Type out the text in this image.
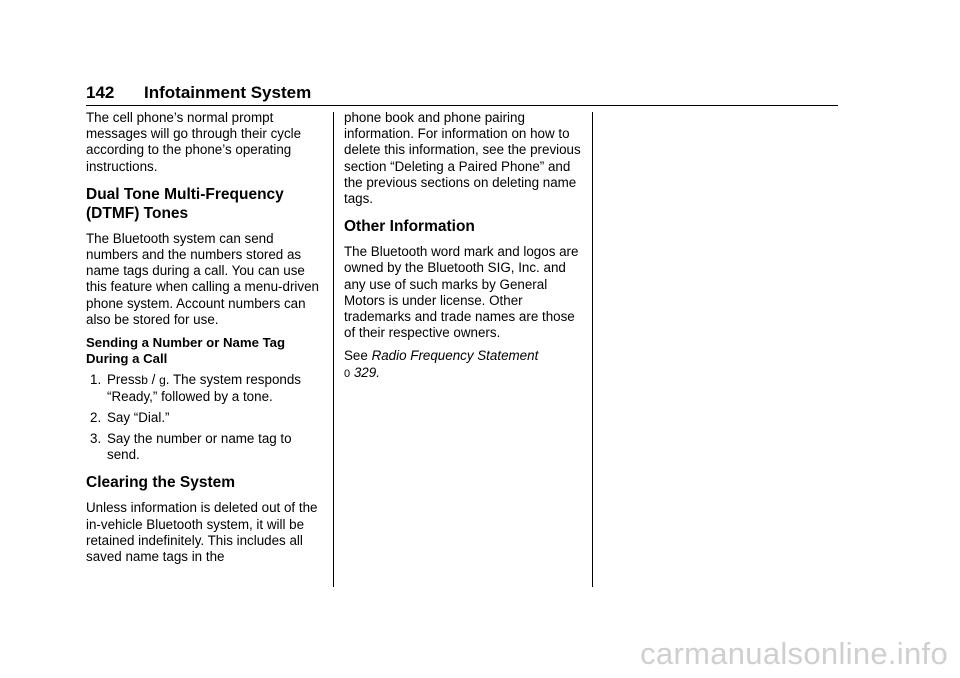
142 Infotainment System

The cell phone’s normal prompt messages will go through their cycle according to the phone’s operating instructions.

Dual Tone Multi-Frequency (DTMF) Tones

The Bluetooth system can send numbers and the numbers stored as name tags during a call. You can use this feature when calling a menu-driven phone system. Account numbers can also be stored for use.

Sending a Number or Name Tag During a Call
1. Pressb / g. The system responds “Ready,” followed by a tone.
2. Say “Dial.”
3. Say the number or name tag to send.
Clearing the System

Unless information is deleted out of the in-vehicle Bluetooth system, it will be retained indefinitely. This includes all saved name tags in the

phone book and phone pairing information. For information on how to delete this information, see the previous section “Deleting a Paired Phone” and the previous sections on deleting name tags.

Other Information

The Bluetooth word mark and logos are owned by the Bluetooth SIG, Inc. and any use of such marks by General Motors is under license. Other trademarks and trade names are those of their respective owners.

See Radio Frequency Statement
0 329.

carmanualsonline.info
